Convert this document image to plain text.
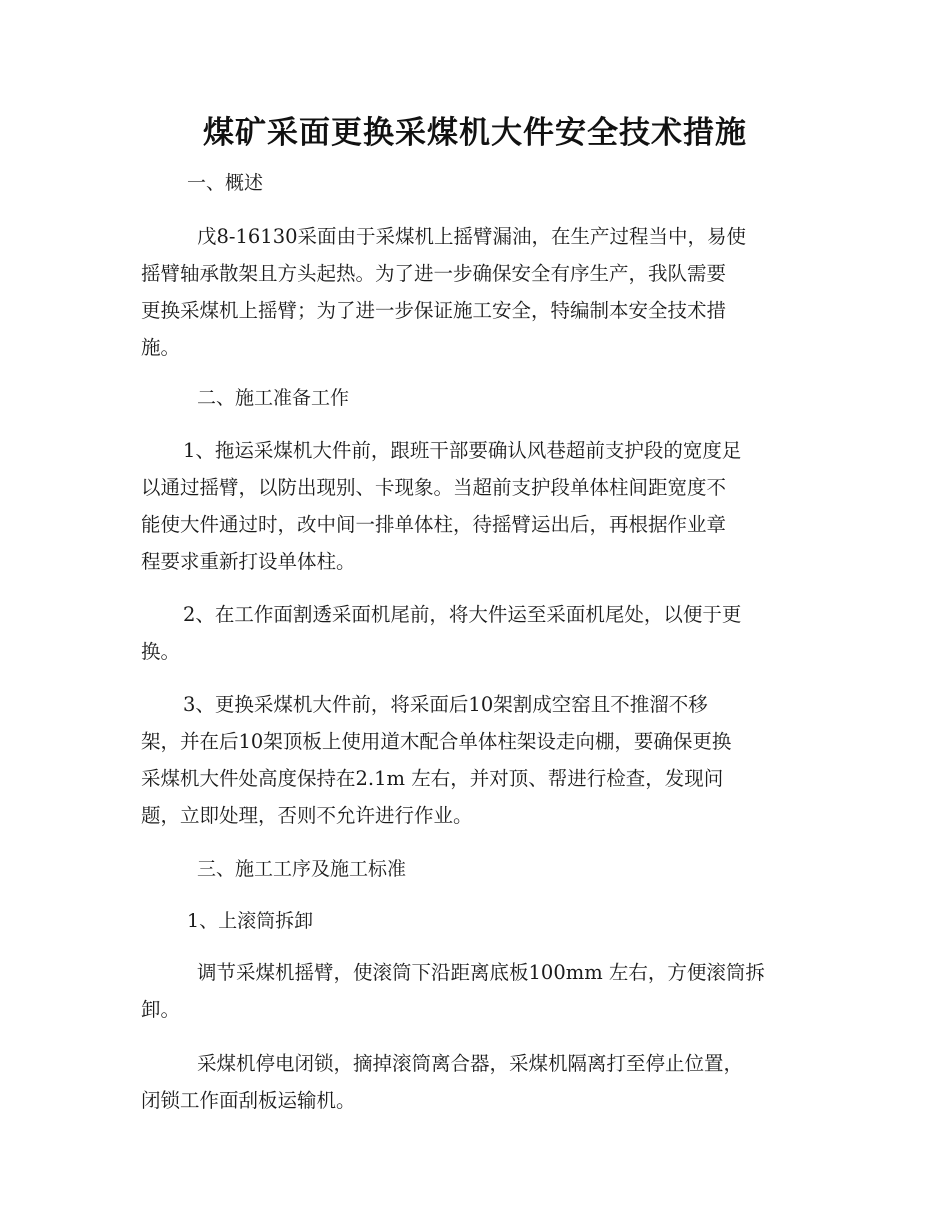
煤矿采面更换采煤机大件安全技术措施
一、概述
戊8-16130采面由于采煤机上摇臂漏油，在生产过程当中，易使
摇臂轴承散架且方头起热。为了进一步确保安全有序生产，我队需要
更换采煤机上摇臂；为了进一步保证施工安全，特编制本安全技术措
施。
二、施工准备工作
1、拖运采煤机大件前，跟班干部要确认风巷超前支护段的宽度足
以通过摇臂，以防出现别、卡现象。当超前支护段单体柱间距宽度不
能使大件通过时，改中间一排单体柱，待摇臂运出后，再根据作业章
程要求重新打设单体柱。
2、在工作面割透采面机尾前，将大件运至采面机尾处，以便于更
换。
3、更换采煤机大件前，将采面后10架割成空窑且不推溜不移
架，并在后10架顶板上使用道木配合单体柱架设走向棚，要确保更换
采煤机大件处高度保持在2.1m 左右，并对顶、帮进行检查，发现问
题，立即处理，否则不允许进行作业。
三、施工工序及施工标准
1、上滚筒拆卸
调节采煤机摇臂，使滚筒下沿距离底板100mm 左右，方便滚筒拆
卸。
采煤机停电闭锁，摘掉滚筒离合器，采煤机隔离打至停止位置，
闭锁工作面刮板运输机。
